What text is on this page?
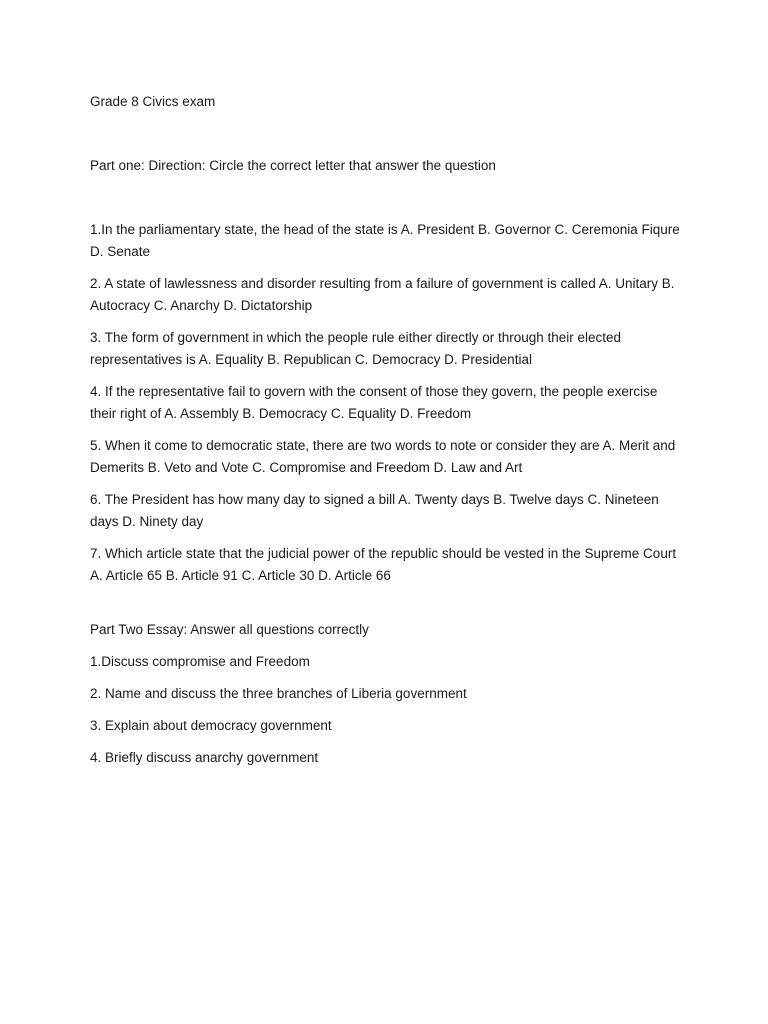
Grade 8 Civics exam

Part one: Direction: Circle the correct letter that answer the question

1.In the parliamentary state, the head of the state is A. President B. Governor C. Ceremonia Fiqure D. Senate

2. A state of lawlessness and disorder resulting from a failure of government is called A. Unitary B. Autocracy C. Anarchy D. Dictatorship

3. The form of government in which the people rule either directly or through their elected representatives is A. Equality B. Republican C. Democracy D. Presidential

4. If the representative fail to govern with the consent of those they govern, the people exercise their right of A. Assembly B. Democracy C. Equality D. Freedom

5. When it come to democratic state, there are two words to note or consider they are A. Merit and Demerits B. Veto and Vote C. Compromise and Freedom D. Law and Art

6. The President has how many day to signed a bill A. Twenty days B. Twelve days C. Nineteen days D. Ninety day

7. Which article state that the judicial power of the republic should be vested in the Supreme Court A. Article 65 B. Article 91 C. Article 30 D. Article 66

Part Two Essay: Answer all questions correctly

1.Discuss compromise and Freedom

2. Name and discuss the three branches of Liberia government

3. Explain about democracy government

4. Briefly discuss anarchy government
